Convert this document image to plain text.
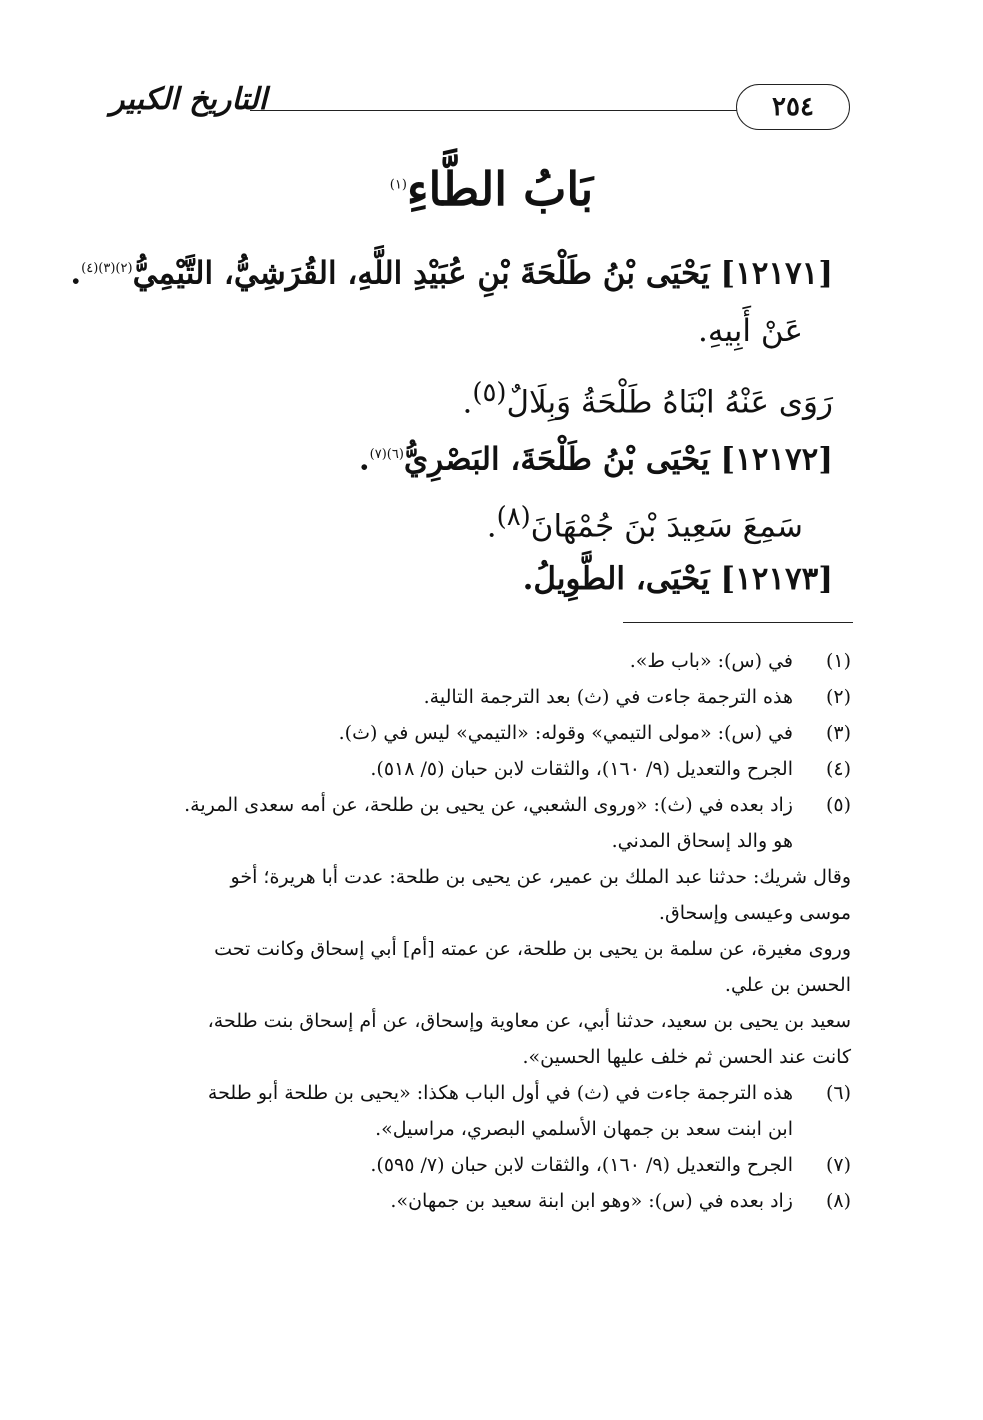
٢٥٤
التاريخ الكبير
بَابُ الطَّاءِ$^{(١)}$
[١٢١٧١] يَحْيَى بْنُ طَلْحَةَ بْنِ عُبَيْدِ اللَّهِ، القُرَشِيُّ، التَّيْمِيُّ$^{(٢)(٣)(٤)}$.
عَنْ أَبِيهِ.
رَوَى عَنْهُ ابْنَاهُ طَلْحَةُ وَبِلَالٌ$^{(٥)}$.
[١٢١٧٢] يَحْيَى بْنُ طَلْحَةَ، البَصْرِيُّ$^{(٦)(٧)}$.
سَمِعَ سَعِيدَ بْنَ جُمْهَانَ$^{(٨)}$.
[١٢١٧٣] يَحْيَى، الطَّوِيلُ.
(١)
في (س): «باب ط».
(٢)
هذه الترجمة جاءت في (ث) بعد الترجمة التالية.
(٣)
في (س): «مولى التيمي» وقوله: «التيمي» ليس في (ث).
(٤)
الجرح والتعديل (٩/ ١٦٠)، والثقات لابن حبان (٥/ ٥١٨).
(٥)
زاد بعده في (ث): «وروى الشعبي، عن يحيى بن طلحة، عن أمه سعدى المرية.
هو والد إسحاق المدني.
وقال شريك: حدثنا عبد الملك بن عمير، عن يحيى بن طلحة: عدت أبا هريرة؛ أخو
موسى وعيسى وإسحاق.
وروى مغيرة، عن سلمة بن يحيى بن طلحة، عن عمته [أم] أبي إسحاق وكانت تحت
الحسن بن علي.
سعيد بن يحيى بن سعيد، حدثنا أبي، عن معاوية وإسحاق، عن أم إسحاق بنت طلحة،
كانت عند الحسن ثم خلف عليها الحسين».
(٦)
هذه الترجمة جاءت في (ث) في أول الباب هكذا: «يحيى بن طلحة أبو طلحة
ابن ابنت سعد بن جمهان الأسلمي البصري، مراسيل».
(٧)
الجرح والتعديل (٩/ ١٦٠)، والثقات لابن حبان (٧/ ٥٩٥).
(٨)
زاد بعده في (س): «وهو ابن ابنة سعيد بن جمهان».
